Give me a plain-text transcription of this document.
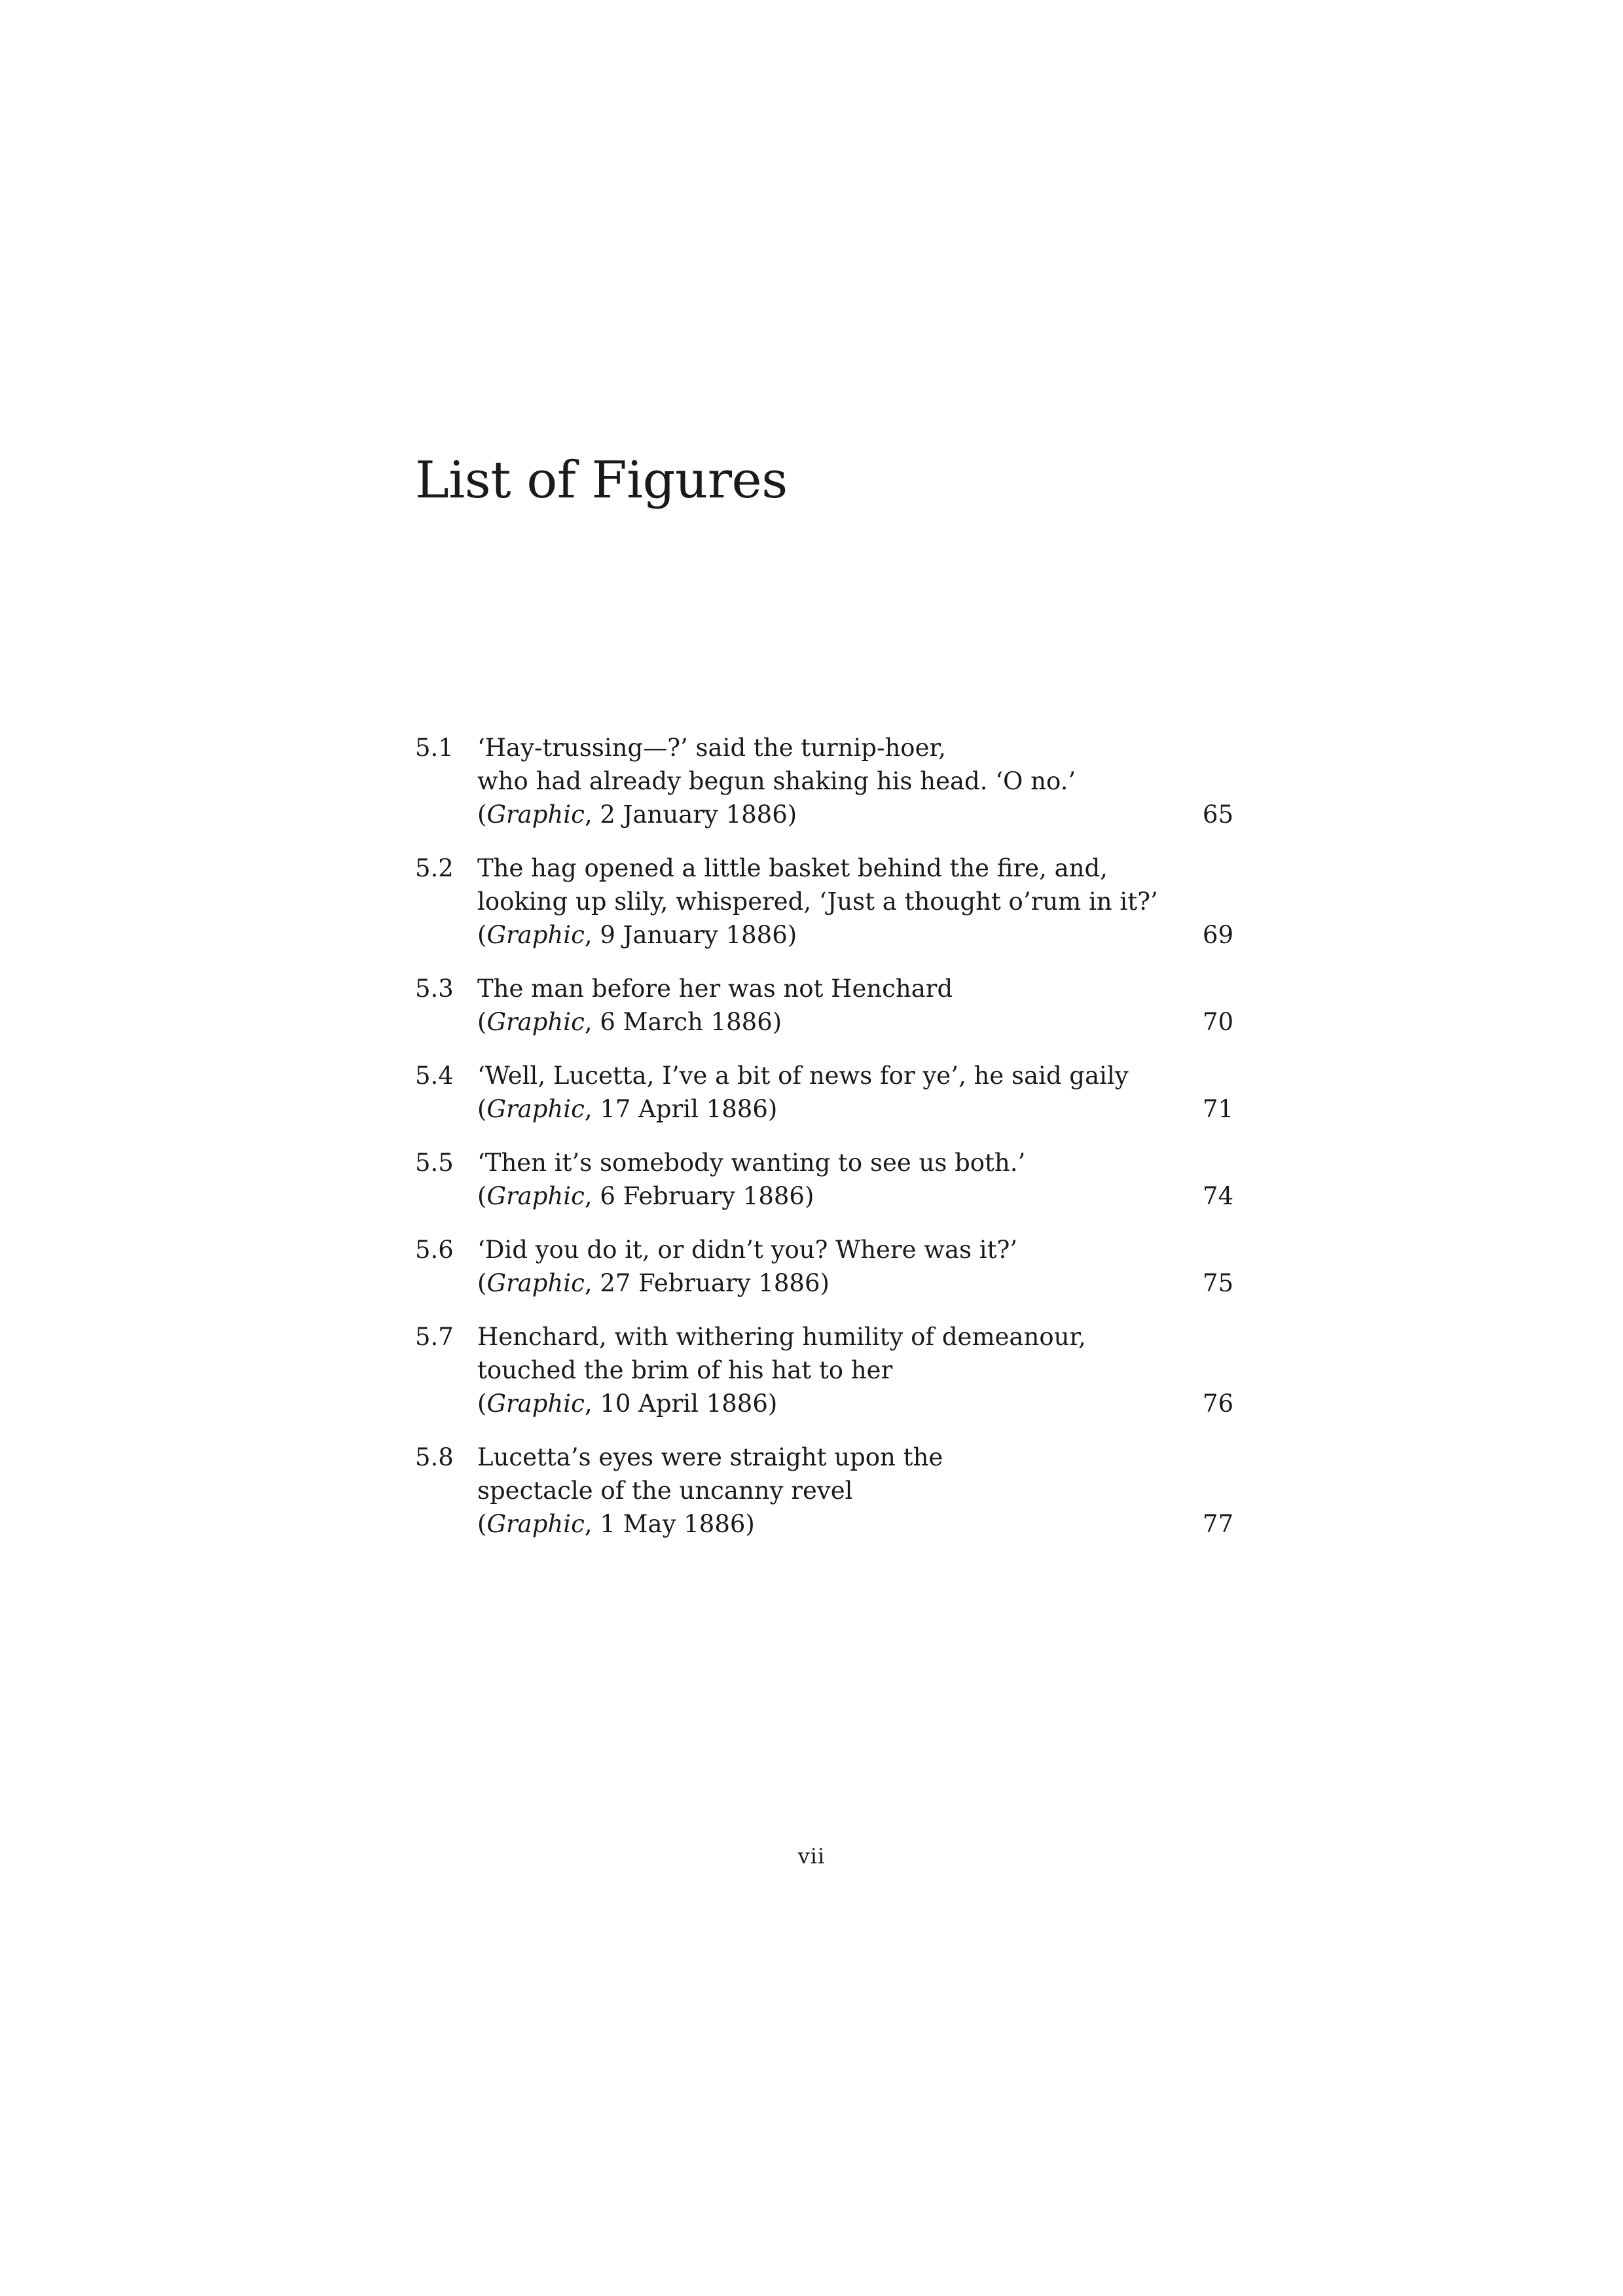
List of Figures
5.1 ‘Hay-trussing—?’ said the turnip-hoer,
who had already begun shaking his head. ‘O no.’
(Graphic, 2 January 1886)	65
5.2 The hag opened a little basket behind the fire, and,
looking up slily, whispered, ‘Just a thought o’rum in it?’
(Graphic, 9 January 1886)	69
5.3 The man before her was not Henchard
(Graphic, 6 March 1886)	70
5.4 ‘Well, Lucetta, I’ve a bit of news for ye’, he said gaily
(Graphic, 17 April 1886)	71
5.5 ‘Then it’s somebody wanting to see us both.’
(Graphic, 6 February 1886)	74
5.6 ‘Did you do it, or didn’t you? Where was it?’
(Graphic, 27 February 1886)	75
5.7 Henchard, with withering humility of demeanour,
touched the brim of his hat to her
(Graphic, 10 April 1886)	76
5.8 Lucetta’s eyes were straight upon the
spectacle of the uncanny revel
(Graphic, 1 May 1886)	77
vii
